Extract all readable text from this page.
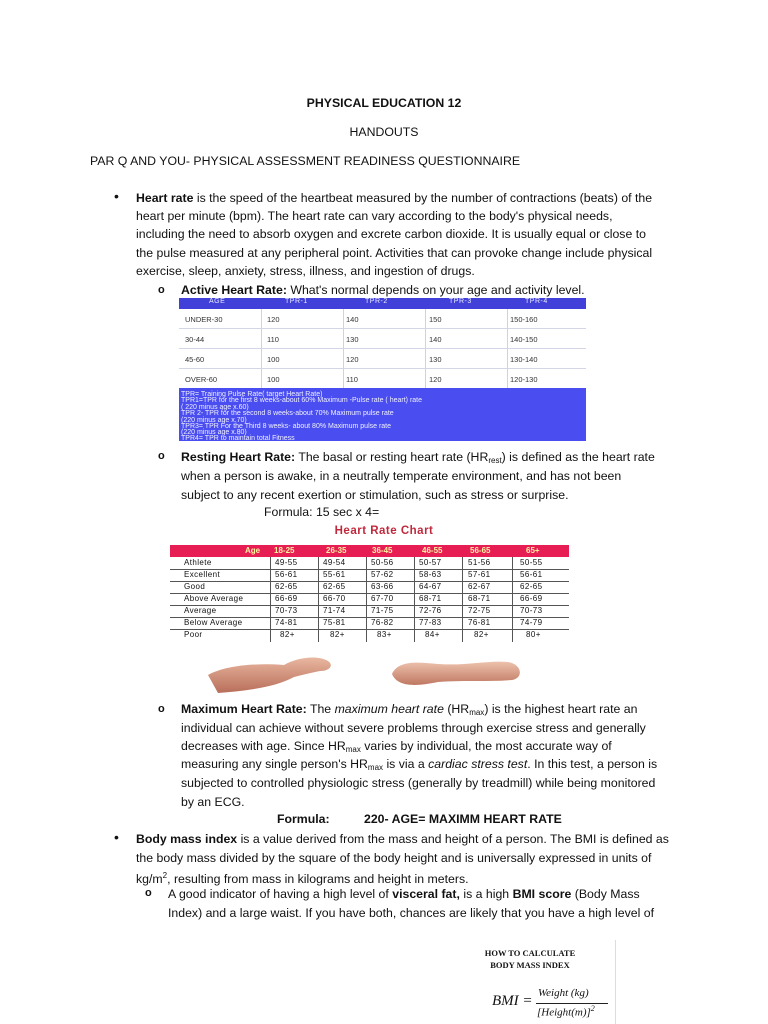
PHYSICAL EDUCATION 12
HANDOUTS
PAR Q AND YOU- PHYSICAL ASSESSMENT READINESS QUESTIONNAIRE
• Heart rate is the speed of the heartbeat measured by the number of contractions (beats) of the
heart per minute (bpm). The heart rate can vary according to the body's physical needs,
including the need to absorb oxygen and excrete carbon dioxide. It is usually equal or close to
the pulse measured at any peripheral point. Activities that can provoke change include physical
exercise, sleep, anxiety, stress, illness, and ingestion of drugs.
o Active Heart Rate: What's normal depends on your age and activity level.
AGE	TPR-1	TPR-2	TPR-3	TPR-4
UNDER-30	120	140	150	150-160
30-44	110	130	140	140-150
45-60	100	120	130	130-140
OVER-60	100	110	120	120-130
TPR= Training Pulse Rate( target Heart Rate)
TPR1=TPR for the first 8 weeks-about 60% Maximum -Pulse rate ( heart) rate
( 220 minus age x.60)
TPR 2- TPR for the second 8 weeks-about 70% Maximum pulse rate
(220 minus age x.70)
TPR3= TPR For the Third 8 weeks- about 80% Maximum pulse rate
(220 minus age x.80)
TPR4= TPR to maintain total Fitness
o Resting Heart Rate: The basal or resting heart rate $(HR_{rest})$ is defined as the heart rate
when a person is awake, in a neutrally temperate environment, and has not been
subject to any recent exertion or stimulation, such as stress or surprise.
Formula: 15 sec x 4=
Heart Rate Chart
Age 18-25	26-35	36-45	46-55	56-65	65+
Athlete	49-55	49-54	50-56	50-57	51-56	50-55
Excellent	56-61	55-61	57-62	58-63	57-61	56-61
Good	62-65	62-65	63-66	64-67	62-67	62-65
Above Average	66-69	66-70	67-70	68-71	68-71	66-69
Average	70-73	71-74	71-75	72-76	72-75	70-73
Below Average	74-81	75-81	76-82	77-83	76-81	74-79
Poor	82+	82+	83+	84+	82+	80+
o Maximum Heart Rate: The maximum heart rate $(HR_{max})$ is the highest heart rate an
individual can achieve without severe problems through exercise stress and generally
decreases with age. Since $HR_{max}$ varies by individual, the most accurate way of
measuring any single person's $HR_{max}$ is via a cardiac stress test. In this test, a person is
subjected to controlled physiologic stress (generally by treadmill) while being monitored
by an ECG.
Formula:	220- AGE= MAXIMM HEART RATE
• Body mass index is a value derived from the mass and height of a person. The BMI is defined as
the body mass divided by the square of the body height and is universally expressed in units of
$kg/m^2$, resulting from mass in kilograms and height in meters.
o A good indicator of having a high level of visceral fat, is a high BMI score (Body Mass
Index) and a large waist. If you have both, chances are likely that you have a high level of
HOW TO CALCULATE
BODY MASS INDEX
BMI = Weight (kg)
[Height(m)]$^2$
